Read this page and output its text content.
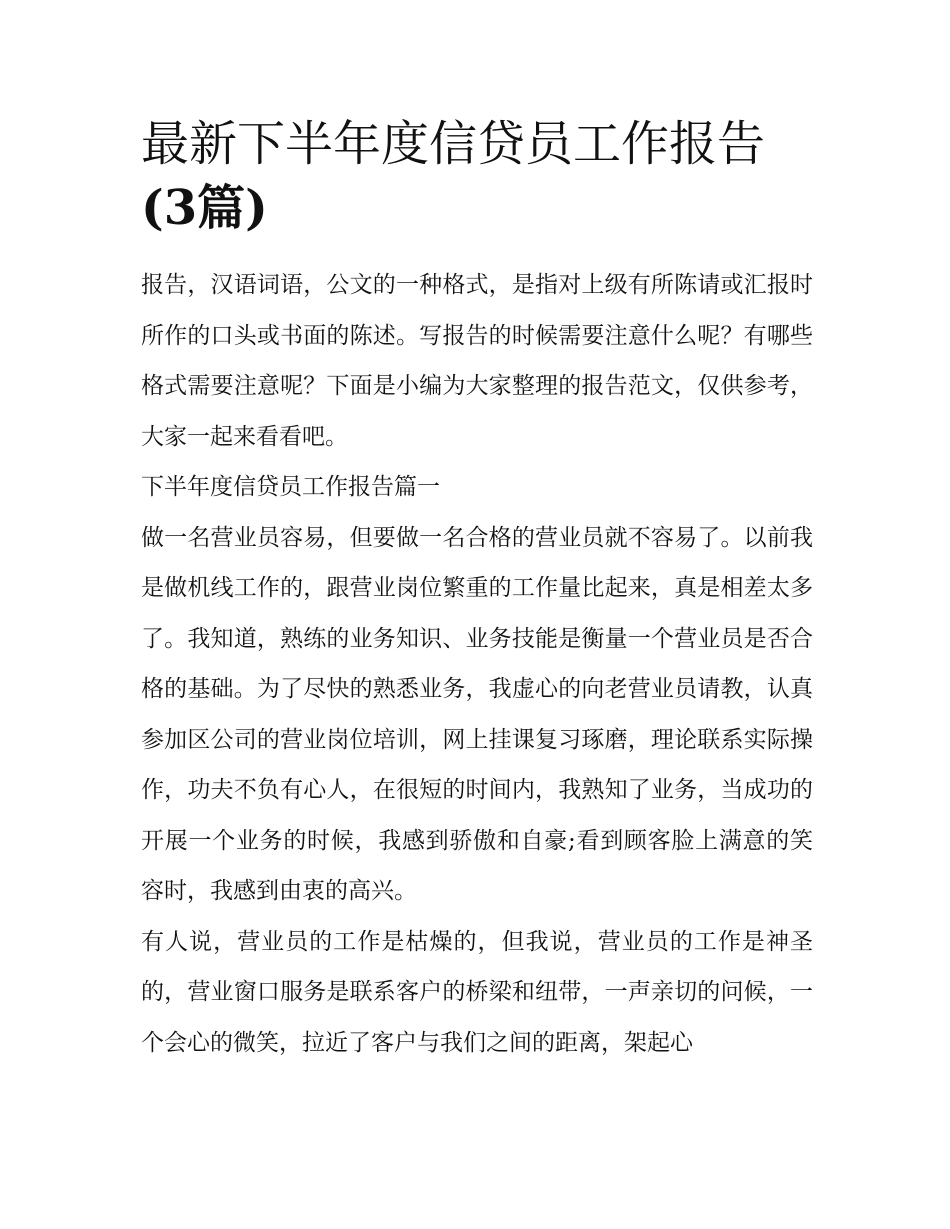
最新下半年度信贷员工作报告
(3篇)

报告，汉语词语，公文的一种格式，是指对上级有所陈请或汇报时所作的口头或书面的陈述。写报告的时候需要注意什么呢？有哪些格式需要注意呢？下面是小编为大家整理的报告范文，仅供参考，大家一起来看看吧。

下半年度信贷员工作报告篇一

做一名营业员容易，但要做一名合格的营业员就不容易了。以前我是做机线工作的，跟营业岗位繁重的工作量比起来，真是相差太多了。我知道，熟练的业务知识、业务技能是衡量一个营业员是否合格的基础。为了尽快的熟悉业务，我虚心的向老营业员请教，认真参加区公司的营业岗位培训，网上挂课复习琢磨，理论联系实际操作，功夫不负有心人，在很短的时间内，我熟知了业务，当成功的开展一个业务的时候，我感到骄傲和自豪;看到顾客脸上满意的笑容时，我感到由衷的高兴。

有人说，营业员的工作是枯燥的，但我说，营业员的工作是神圣的，营业窗口服务是联系客户的桥梁和纽带，一声亲切的问候，一个会心的微笑，拉近了客户与我们之间的距离，架起心
